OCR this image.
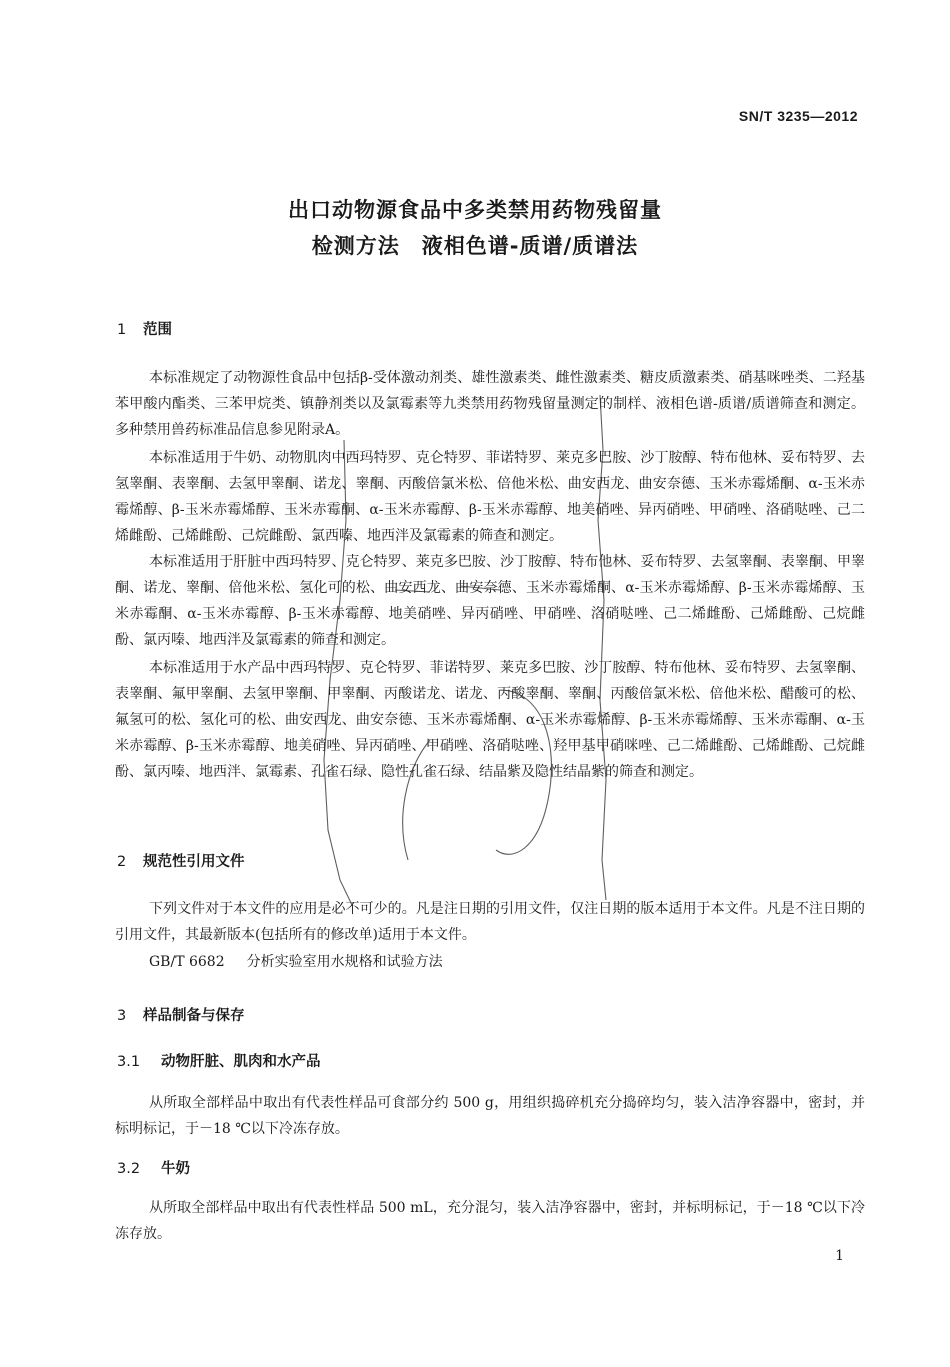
SN/T 3235—2012
出口动物源食品中多类禁用药物残留量
检测方法 液相色谱-质谱/质谱法
1 范围
本标准规定了动物源性食品中包括β-受体激动剂类、雄性激素类、雌性激素类、糖皮质激素类、硝基咪唑类、二羟基苯甲酸内酯类、三苯甲烷类、镇静剂类以及氯霉素等九类禁用药物残留量测定的制样、液相色谱-质谱/质谱筛查和测定。多种禁用兽药标准品信息参见附录A。
本标准适用于牛奶、动物肌肉中西玛特罗、克仑特罗、菲诺特罗、莱克多巴胺、沙丁胺醇、特布他林、妥布特罗、去氢睾酮、表睾酮、去氢甲睾酮、诺龙、睾酮、丙酸倍氯米松、倍他米松、曲安西龙、曲安奈德、玉米赤霉烯酮、α-玉米赤霉烯醇、β-玉米赤霉烯醇、玉米赤霉酮、α-玉米赤霉醇、β-玉米赤霉醇、地美硝唑、异丙硝唑、甲硝唑、洛硝哒唑、己二烯雌酚、己烯雌酚、己烷雌酚、氯西嗪、地西泮及氯霉素的筛查和测定。
本标准适用于肝脏中西玛特罗、克仑特罗、莱克多巴胺、沙丁胺醇、特布他林、妥布特罗、去氢睾酮、表睾酮、甲睾酮、诺龙、睾酮、倍他米松、氢化可的松、曲安西龙、曲安奈德、玉米赤霉烯酮、α-玉米赤霉烯醇、β-玉米赤霉烯醇、玉米赤霉酮、α-玉米赤霉醇、β-玉米赤霉醇、地美硝唑、异丙硝唑、甲硝唑、洛硝哒唑、己二烯雌酚、己烯雌酚、己烷雌酚、氯丙嗪、地西泮及氯霉素的筛查和测定。
本标准适用于水产品中西玛特罗、克仑特罗、菲诺特罗、莱克多巴胺、沙丁胺醇、特布他林、妥布特罗、去氢睾酮、表睾酮、氟甲睾酮、去氢甲睾酮、甲睾酮、丙酸诺龙、诺龙、丙酸睾酮、睾酮、丙酸倍氯米松、倍他米松、醋酸可的松、氟氢可的松、氢化可的松、曲安西龙、曲安奈德、玉米赤霉烯酮、α-玉米赤霉烯醇、β-玉米赤霉烯醇、玉米赤霉酮、α-玉米赤霉醇、β-玉米赤霉醇、地美硝唑、异丙硝唑、甲硝唑、洛硝哒唑、羟甲基甲硝咪唑、己二烯雌酚、己烯雌酚、己烷雌酚、氯丙嗪、地西泮、氯霉素、孔雀石绿、隐性孔雀石绿、结晶紫及隐性结晶紫的筛查和测定。
2 规范性引用文件
下列文件对于本文件的应用是必不可少的。凡是注日期的引用文件，仅注日期的版本适用于本文件。凡是不注日期的引用文件，其最新版本(包括所有的修改单)适用于本文件。
GB/T 6682 分析实验室用水规格和试验方法
3 样品制备与保存
3.1 动物肝脏、肌肉和水产品
从所取全部样品中取出有代表性样品可食部分约 500 g，用组织捣碎机充分捣碎均匀，装入洁净容器中，密封，并标明标记，于－18 ℃以下冷冻存放。
3.2 牛奶
从所取全部样品中取出有代表性样品 500 mL，充分混匀，装入洁净容器中，密封，并标明标记，于－18 ℃以下冷冻存放。
1
